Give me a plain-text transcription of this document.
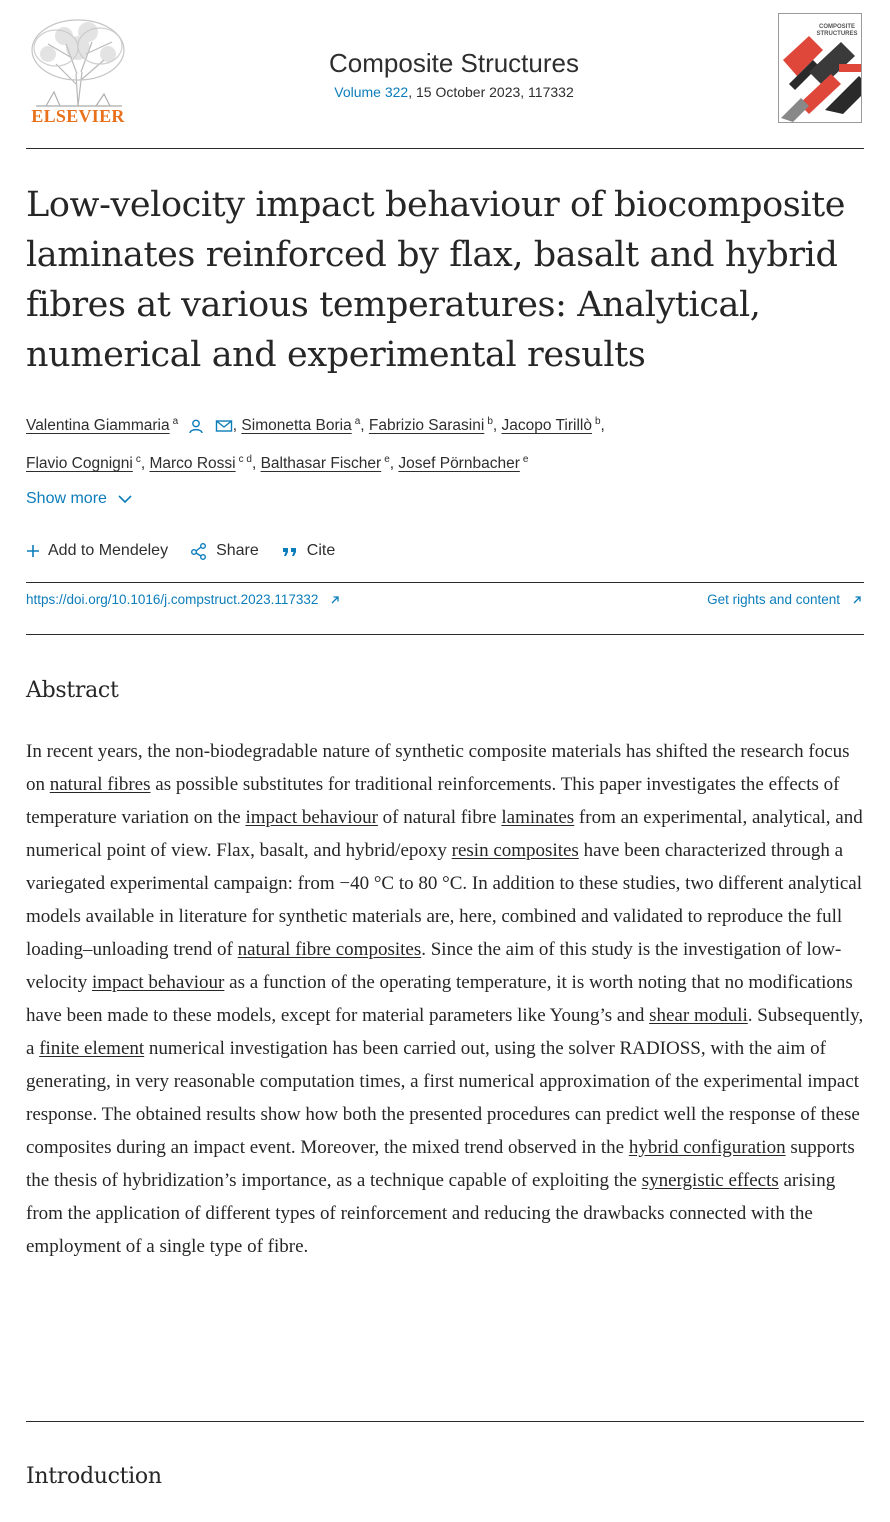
ELSEVIER
Composite Structures
Volume 322, 15 October 2023, 117332
COMPOSITE
STRUCTURES
Low-velocity impact behaviour of biocomposite laminates reinforced by flax, basalt and hybrid fibres at various temperatures: Analytical, numerical and experimental results
Valentina Giammaria $^a$	, Simonetta Boria $^a$, Fabrizio Sarasini $^b$, Jacopo Tirillò $^b$,
Flavio Cognigni $^c$, Marco Rossi $^{c d}$, Balthasar Fischer $^e$, Josef Pörnbacher $^e$
Show more
Add to Mendeley	Share	Cite
https://doi.org/10.1016/j.compstruct.2023.117332	Get rights and content
Abstract

In recent years, the non-biodegradable nature of synthetic composite materials has shifted the research focus on natural fibres as possible substitutes for traditional reinforcements. This paper investigates the effects of temperature variation on the impact behaviour of natural fibre laminates from an experimental, analytical, and numerical point of view. Flax, basalt, and hybrid/epoxy resin composites have been characterized through a variegated experimental campaign: from −40 °C to 80 °C. In addition to these studies, two different analytical models available in literature for synthetic materials are, here, combined and validated to reproduce the full loading–unloading trend of natural fibre composites. Since the aim of this study is the investigation of low-velocity impact behaviour as a function of the operating temperature, it is worth noting that no modifications have been made to these models, except for material parameters like Young’s and shear moduli. Subsequently, a finite element numerical investigation has been carried out, using the solver RADIOSS, with the aim of generating, in very reasonable computation times, a first numerical approximation of the experimental impact response. The obtained results show how both the presented procedures can predict well the response of these composites during an impact event. Moreover, the mixed trend observed in the hybrid configuration supports the thesis of hybridization’s importance, as a technique capable of exploiting the synergistic effects arising from the application of different types of reinforcement and reducing the drawbacks connected with the employment of a single type of fibre.

Introduction
